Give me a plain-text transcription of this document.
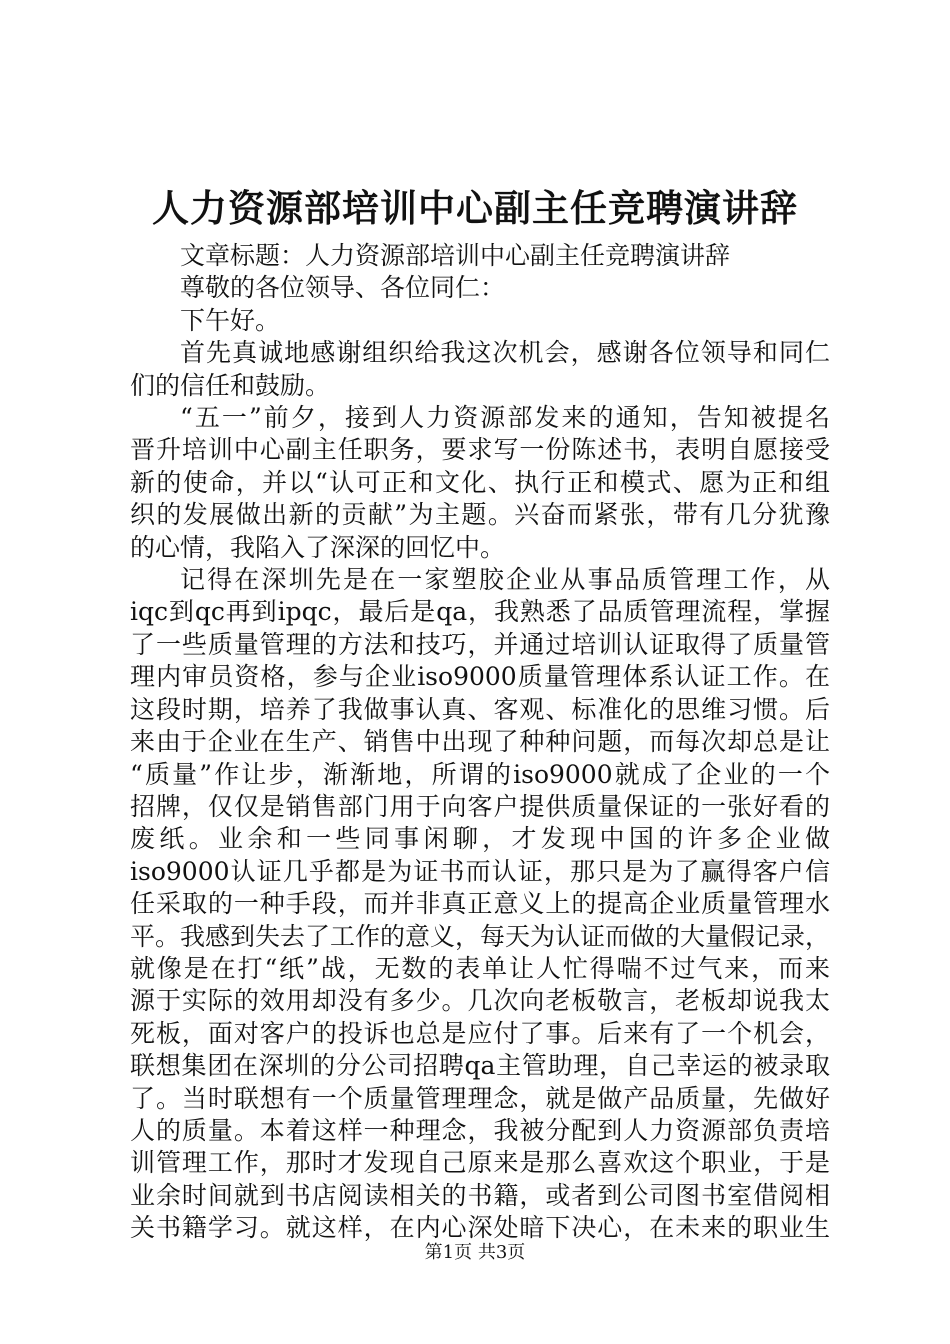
人力资源部培训中心副主任竞聘演讲辞
文章标题：人力资源部培训中心副主任竞聘演讲辞
尊敬的各位领导、各位同仁：
下午好。
首先真诚地感谢组织给我这次机会，感谢各位领导和同仁
们的信任和鼓励。
“五一”前夕，接到人力资源部发来的通知，告知被提名
晋升培训中心副主任职务，要求写一份陈述书，表明自愿接受
新的使命，并以“认可正和文化、执行正和模式、愿为正和组
织的发展做出新的贡献”为主题。兴奋而紧张，带有几分犹豫
的心情，我陷入了深深的回忆中。
记得在深圳先是在一家塑胶企业从事品质管理工作，从
iqc到qc再到ipqc，最后是qa，我熟悉了品质管理流程，掌握
了一些质量管理的方法和技巧，并通过培训认证取得了质量管
理内审员资格，参与企业iso9000质量管理体系认证工作。在
这段时期，培养了我做事认真、客观、标准化的思维习惯。后
来由于企业在生产、销售中出现了种种问题，而每次却总是让
“质量”作让步，渐渐地，所谓的iso9000就成了企业的一个
招牌，仅仅是销售部门用于向客户提供质量保证的一张好看的
废纸。业余和一些同事闲聊，才发现中国的许多企业做
iso9000认证几乎都是为证书而认证，那只是为了赢得客户信
任采取的一种手段，而并非真正意义上的提高企业质量管理水
平。我感到失去了工作的意义，每天为认证而做的大量假记录，
就像是在打“纸”战，无数的表单让人忙得喘不过气来，而来
源于实际的效用却没有多少。几次向老板敬言，老板却说我太
死板，面对客户的投诉也总是应付了事。后来有了一个机会，
联想集团在深圳的分公司招聘qa主管助理，自己幸运的被录取
了。当时联想有一个质量管理理念，就是做产品质量，先做好
人的质量。本着这样一种理念，我被分配到人力资源部负责培
训管理工作，那时才发现自己原来是那么喜欢这个职业，于是
业余时间就到书店阅读相关的书籍，或者到公司图书室借阅相
关书籍学习。就这样，在内心深处暗下决心，在未来的职业生
第1页 共3页
